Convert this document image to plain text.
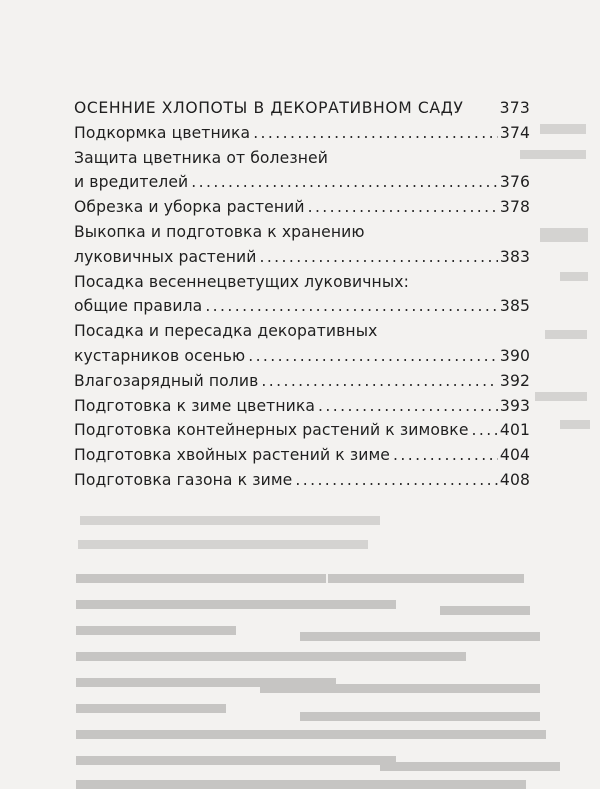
ОСЕННИЕ ХЛОПОТЫ В ДЕКОРАТИВНОМ САДУ 373
Подкормка цветника .....	374
Защита цветника от болезней
и вредителей .....	376
Обрезка и уборка растений .....	378
Выкопка и подготовка к хранению
луковичных растений .....	383
Посадка весеннецветущих луковичных:
общие правила .....	385
Посадка и пересадка декоративных
кустарников осенью .....	390
Влагозарядный полив .....	392
Подготовка к зиме цветника .....	393
Подготовка контейнерных растений к зимовке ..... 401
Подготовка хвойных растений к зиме .....	404
Подготовка газона к зиме .....	408
